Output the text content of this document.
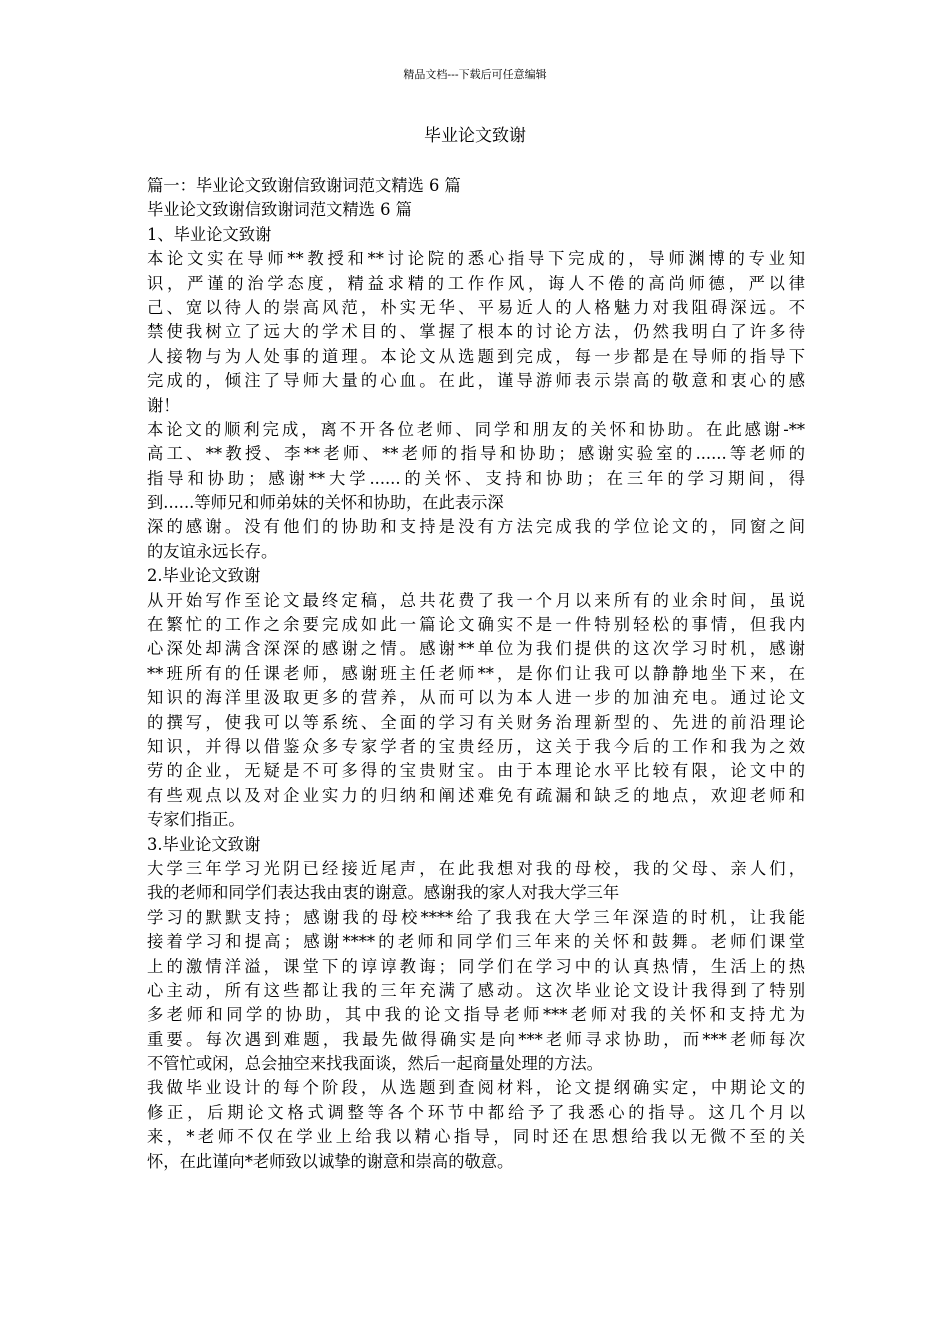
精品文档---下载后可任意编辑
毕业论文致谢
篇一：毕业论文致谢信致谢词范文精选 6 篇
毕业论文致谢信致谢词范文精选 6 篇
1、毕业论文致谢
本论文实在导师**教授和**讨论院的悉心指导下完成的，导师渊博的专业知
识，严谨的治学态度，精益求精的工作作风，诲人不倦的高尚师德，严以律
己、宽以待人的崇高风范，朴实无华、平易近人的人格魅力对我阻碍深远。不
禁使我树立了远大的学术目的、掌握了根本的讨论方法，仍然我明白了许多待
人接物与为人处事的道理。本论文从选题到完成，每一步都是在导师的指导下
完成的，倾注了导师大量的心血。在此，谨导游师表示崇高的敬意和衷心的感
谢！
本论文的顺利完成，离不开各位老师、同学和朋友的关怀和协助。在此感谢-**
高工、**教授、李**老师、**老师的指导和协助；感谢实验室的......等老师的
指导和协助；感谢**大学......的关怀、支持和协助；在三年的学习期间，得
到......等师兄和师弟妹的关怀和协助，在此表示深
深的感谢。没有他们的协助和支持是没有方法完成我的学位论文的，同窗之间
的友谊永远长存。
2.毕业论文致谢
从开始写作至论文最终定稿，总共花费了我一个月以来所有的业余时间，虽说
在繁忙的工作之余要完成如此一篇论文确实不是一件特别轻松的事情，但我内
心深处却满含深深的感谢之情。感谢**单位为我们提供的这次学习时机，感谢
**班所有的任课老师，感谢班主任老师**，是你们让我可以静静地坐下来，在
知识的海洋里汲取更多的营养，从而可以为本人进一步的加油充电。通过论文
的撰写，使我可以等系统、全面的学习有关财务治理新型的、先进的前沿理论
知识，并得以借鉴众多专家学者的宝贵经历，这关于我今后的工作和我为之效
劳的企业，无疑是不可多得的宝贵财宝。由于本理论水平比较有限，论文中的
有些观点以及对企业实力的归纳和阐述难免有疏漏和缺乏的地点，欢迎老师和
专家们指正。
3.毕业论文致谢
大学三年学习光阴已经接近尾声，在此我想对我的母校，我的父母、亲人们，
我的老师和同学们表达我由衷的谢意。感谢我的家人对我大学三年
学习的默默支持；感谢我的母校****给了我我在大学三年深造的时机，让我能
接着学习和提高；感谢****的老师和同学们三年来的关怀和鼓舞。老师们课堂
上的激情洋溢，课堂下的谆谆教诲；同学们在学习中的认真热情，生活上的热
心主动，所有这些都让我的三年充满了感动。这次毕业论文设计我得到了特别
多老师和同学的协助，其中我的论文指导老师***老师对我的关怀和支持尤为
重要。每次遇到难题，我最先做得确实是向***老师寻求协助，而***老师每次
不管忙或闲，总会抽空来找我面谈，然后一起商量处理的方法。
我做毕业设计的每个阶段，从选题到查阅材料，论文提纲确实定，中期论文的
修正，后期论文格式调整等各个环节中都给予了我悉心的指导。这几个月以
来，*老师不仅在学业上给我以精心指导，同时还在思想给我以无微不至的关
怀，在此谨向*老师致以诚挚的谢意和崇高的敬意。
